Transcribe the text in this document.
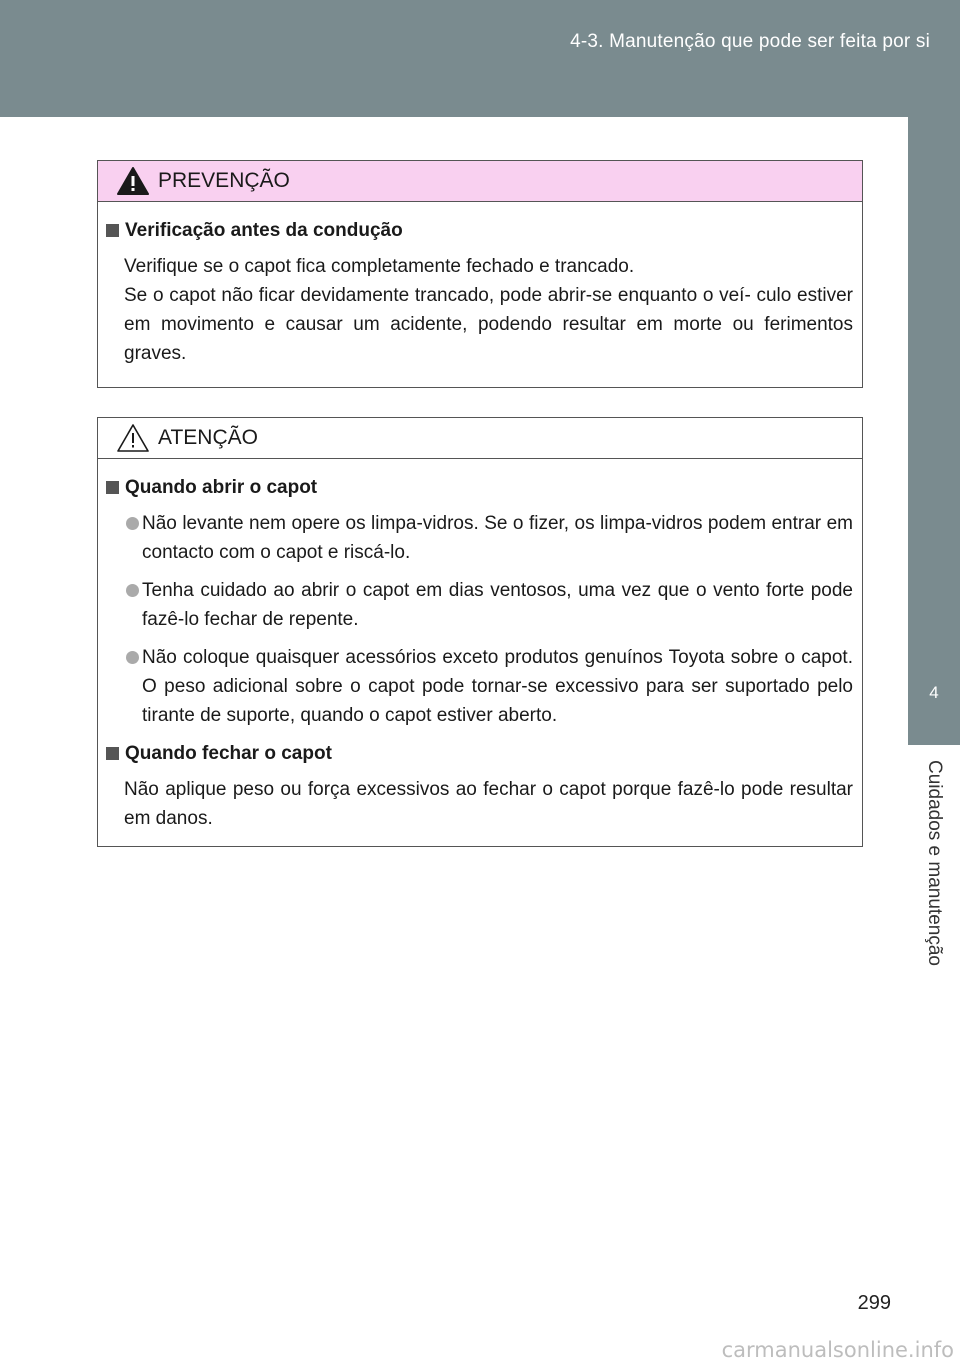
4-3. Manutenção que pode ser feita por si
4
Cuidados e manutenção
PREVENÇÃO
Verificação antes da condução
Verifique se o capot fica completamente fechado e trancado.
Se o capot não ficar devidamente trancado, pode abrir-se enquanto o veí- culo estiver em movimento e causar um acidente, podendo resultar em morte ou ferimentos graves.
ATENÇÃO
Quando abrir o capot
Não levante nem opere os limpa-vidros. Se o fizer, os limpa-vidros podem entrar em contacto com o capot e riscá-lo.
Tenha cuidado ao abrir o capot em dias ventosos, uma vez que o vento forte pode fazê-lo fechar de repente.
Não coloque quaisquer acessórios exceto produtos genuínos Toyota sobre o capot. O peso adicional sobre o capot pode tornar-se excessivo para ser suportado pelo tirante de suporte, quando o capot estiver aberto.
Quando fechar o capot
Não aplique peso ou força excessivos ao fechar o capot porque fazê-lo pode resultar em danos.
299
carmanualsonline.info
